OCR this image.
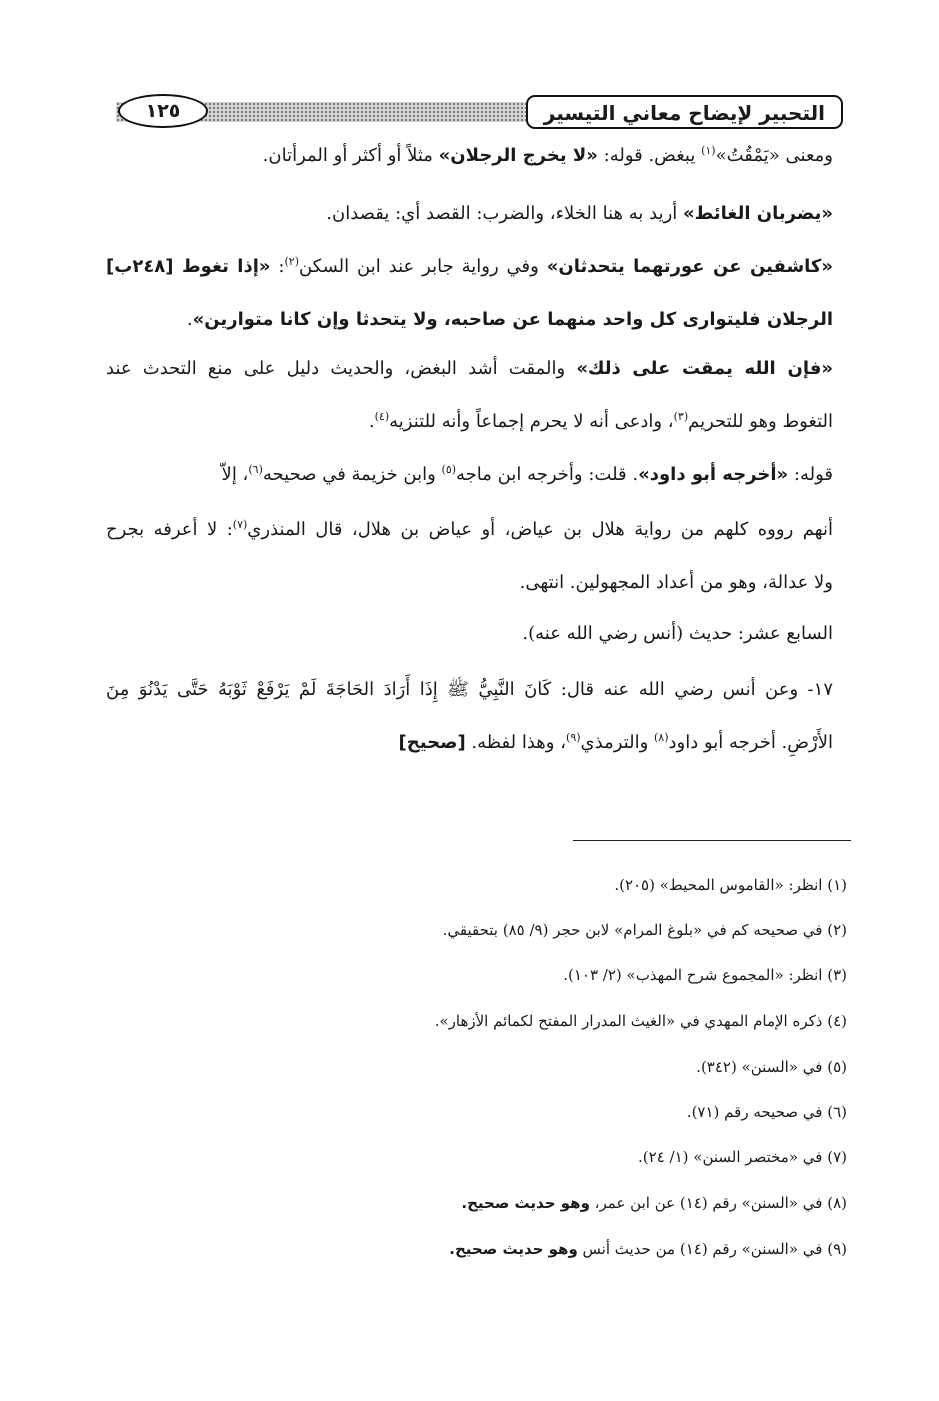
التحبير لإيضاح معاني التيسير
١٢٥
ومعنى «يَمْقُتُ»$^{(١)}$ يبغض. قوله: «لا يخرج الرجلان» مثلاً أو أكثر أو المرأتان.
«يضربان الغائط» أريد به هنا الخلاء، والضرب: القصد أي: يقصدان.
«كاشفين عن عورتهما يتحدثان» وفي رواية جابر عند ابن السكن$^{(٢)}$: «إذا تغوط [٢٤٨ب]
الرجلان فليتوارى كل واحد منهما عن صاحبه، ولا يتحدثا وإن كانا متوارين».
«فإن الله يمقت على ذلك» والمقت أشد البغض، والحديث دليل على منع التحدث عند
التغوط وهو للتحريم$^{(٣)}$، وادعى أنه لا يحرم إجماعاً وأنه للتنزيه$^{(٤)}$.
قوله: «أخرجه أبو داود». قلت: وأخرجه ابن ماجه$^{(٥)}$ وابن خزيمة في صحيحه$^{(٦)}$، إلاّ
أنهم رووه كلهم من رواية هلال بن عياض، أو عياض بن هلال، قال المنذري$^{(٧)}$: لا أعرفه بجرح
ولا عدالة، وهو من أعداد المجهولين. انتهى.
السابع عشر: حديث (أنس رضي الله عنه).
١٧- وعن أنس رضي الله عنه قال: كَانَ النَّبِيُّ ﷺ إِذَا أَرَادَ الحَاجَةَ لَمْ يَرْفَعْ ثَوْبَهُ حَتَّى يَدْنُوَ مِنَ
الأَرْضِ. أخرجه أبو داود$^{(٨)}$ والترمذي$^{(٩)}$، وهذا لفظه. [صحيح]
(١) انظر: «القاموس المحيط» (٢٠٥).
(٢) في صحيحه كم في «بلوغ المرام» لابن حجر (٩/ ٨٥) بتحقيقي.
(٣) انظر: «المجموع شرح المهذب» (٢/ ١٠٣).
(٤) ذكره الإمام المهدي في «الغيث المدرار المفتح لكمائم الأزهار».
(٥) في «السنن» (٣٤٢).
(٦) في صحيحه رقم (٧١).
(٧) في «مختصر السنن» (١/ ٢٤).
(٨) في «السنن» رقم (١٤) عن ابن عمر، وهو حديث صحيح.
(٩) في «السنن» رقم (١٤) من حديث أنس وهو حديث صحيح.
